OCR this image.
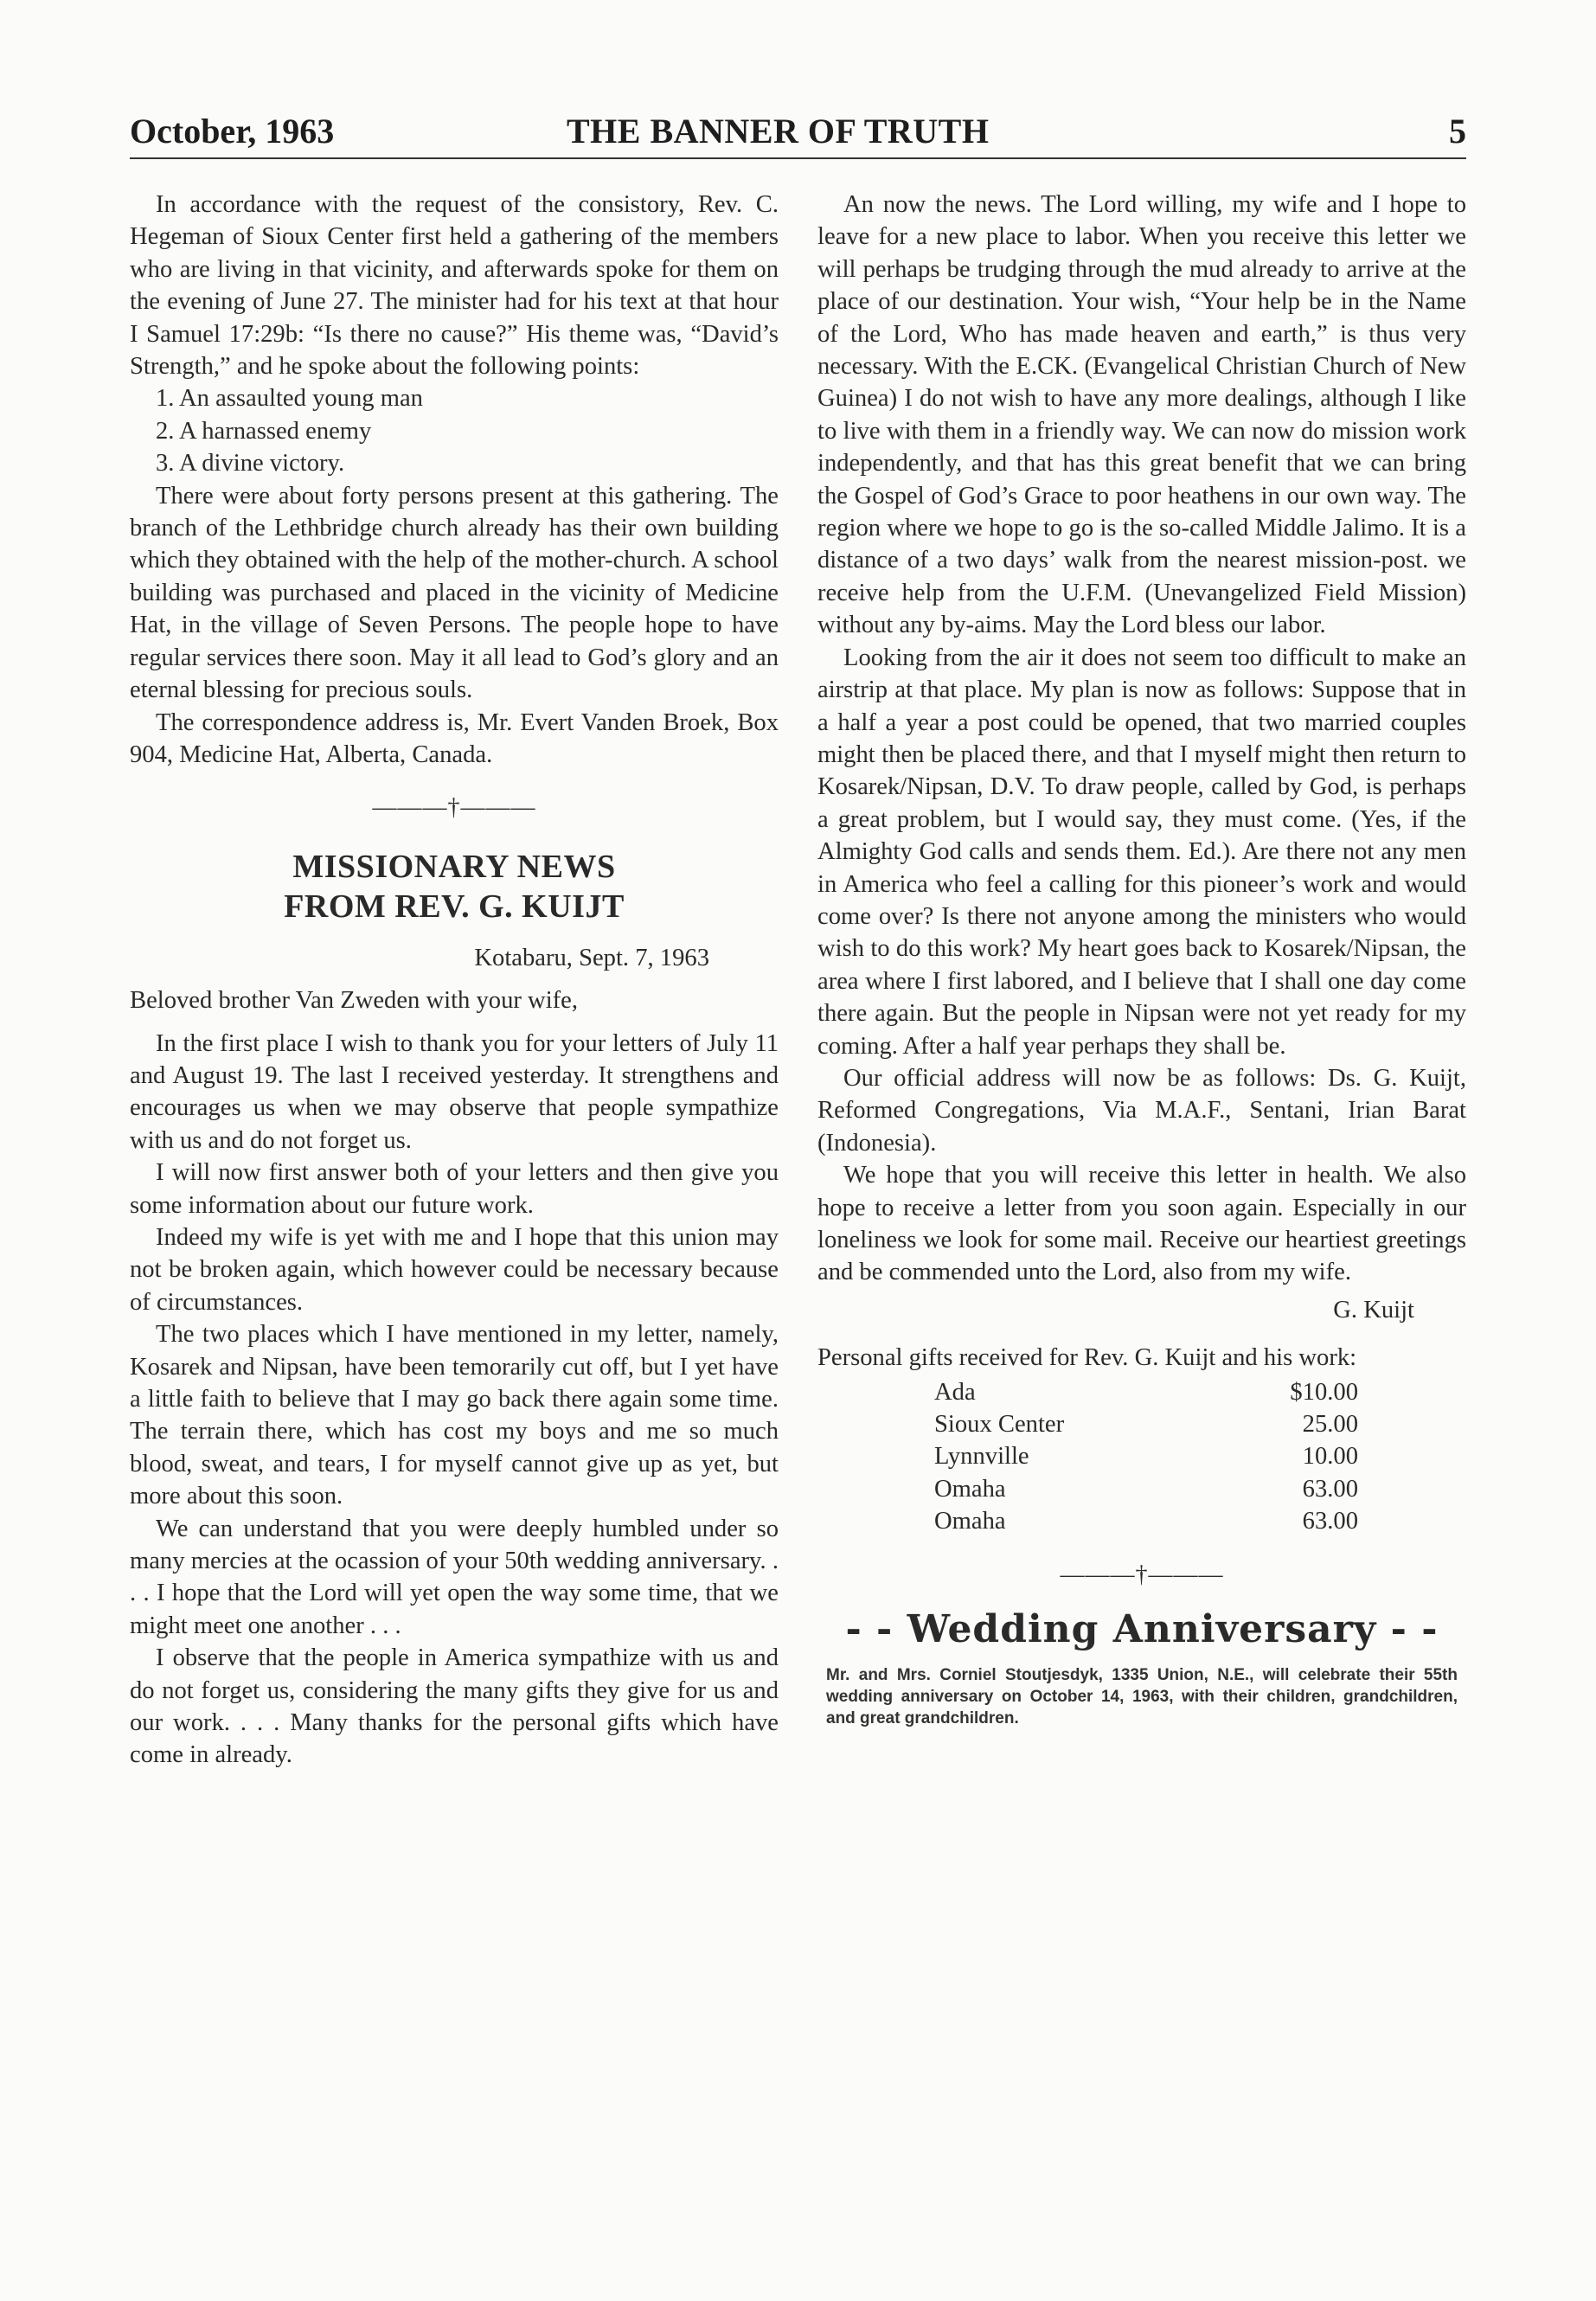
October, 1963	THE BANNER OF TRUTH	5

In accordance with the request of the consistory, Rev. C. Hegeman of Sioux Center first held a gathering of the members who are living in that vicinity, and afterwards spoke for them on the evening of June 27. The minister had for his text at that hour I Samuel 17:29b: “Is there no cause?” His theme was, “David’s Strength,” and he spoke about the following points:

1. An assaulted young man

2. A harnassed enemy

3. A divine victory.

There were about forty persons present at this gathering. The branch of the Lethbridge church already has their own building which they obtained with the help of the mother-church. A school building was purchased and placed in the vicinity of Medicine Hat, in the village of Seven Persons. The people hope to have regular services there soon. May it all lead to God’s glory and an eternal blessing for precious souls.

The correspondence address is, Mr. Evert Vanden Broek, Box 904, Medicine Hat, Alberta, Canada.

———†———
MISSIONARY NEWS
FROM REV. G. KUIJT

Kotabaru, Sept. 7, 1963

Beloved brother Van Zweden with your wife,

In the first place I wish to thank you for your letters of July 11 and August 19. The last I received yesterday. It strengthens and encourages us when we may observe that people sympathize with us and do not forget us.

I will now first answer both of your letters and then give you some information about our future work.

Indeed my wife is yet with me and I hope that this union may not be broken again, which however could be necessary because of circumstances.

The two places which I have mentioned in my letter, namely, Kosarek and Nipsan, have been temorarily cut off, but I yet have a little faith to believe that I may go back there again some time. The terrain there, which has cost my boys and me so much blood, sweat, and tears, I for myself cannot give up as yet, but more about this soon.

We can understand that you were deeply humbled under so many mercies at the ocassion of your 50th wedding anniversary. . . . I hope that the Lord will yet open the way some time, that we might meet one another . . .

I observe that the people in America sympathize with us and do not forget us, considering the many gifts they give for us and our work. . . . Many thanks for the personal gifts which have come in already.

An now the news. The Lord willing, my wife and I hope to leave for a new place to labor. When you receive this letter we will perhaps be trudging through the mud already to arrive at the place of our destination. Your wish, “Your help be in the Name of the Lord, Who has made heaven and earth,” is thus very necessary. With the E.CK. (Evangelical Christian Church of New Guinea) I do not wish to have any more dealings, although I like to live with them in a friendly way. We can now do mission work independently, and that has this great benefit that we can bring the Gospel of God’s Grace to poor heathens in our own way. The region where we hope to go is the so-called Middle Jalimo. It is a distance of a two days’ walk from the nearest mission-post. we receive help from the U.F.M. (Unevangelized Field Mission) without any by-aims. May the Lord bless our labor.

Looking from the air it does not seem too difficult to make an airstrip at that place. My plan is now as follows: Suppose that in a half a year a post could be opened, that two married couples might then be placed there, and that I myself might then return to Kosarek/Nipsan, D.V. To draw people, called by God, is perhaps a great problem, but I would say, they must come. (Yes, if the Almighty God calls and sends them. Ed.). Are there not any men in America who feel a calling for this pioneer’s work and would come over? Is there not anyone among the ministers who would wish to do this work? My heart goes back to Kosarek/Nipsan, the area where I first labored, and I believe that I shall one day come there again. But the people in Nipsan were not yet ready for my coming. After a half year perhaps they shall be.

Our official address will now be as follows: Ds. G. Kuijt, Reformed Congregations, Via M.A.F., Sentani, Irian Barat (Indonesia).

We hope that you will receive this letter in health. We also hope to receive a letter from you soon again. Especially in our loneliness we look for some mail. Receive our heartiest greetings and be commended unto the Lord, also from my wife.

G. Kuijt

Personal gifts received for Rev. G. Kuijt and his work:

Ada	$10.00
Sioux Center	25.00
Lynnville	10.00
Omaha	63.00
Omaha	63.00
———†———
- - Wedding Anniversary - -

Mr. and Mrs. Corniel Stoutjesdyk, 1335 Union, N.E., will celebrate their 55th wedding anniversary on October 14, 1963, with their children, grandchildren, and great grandchildren.
